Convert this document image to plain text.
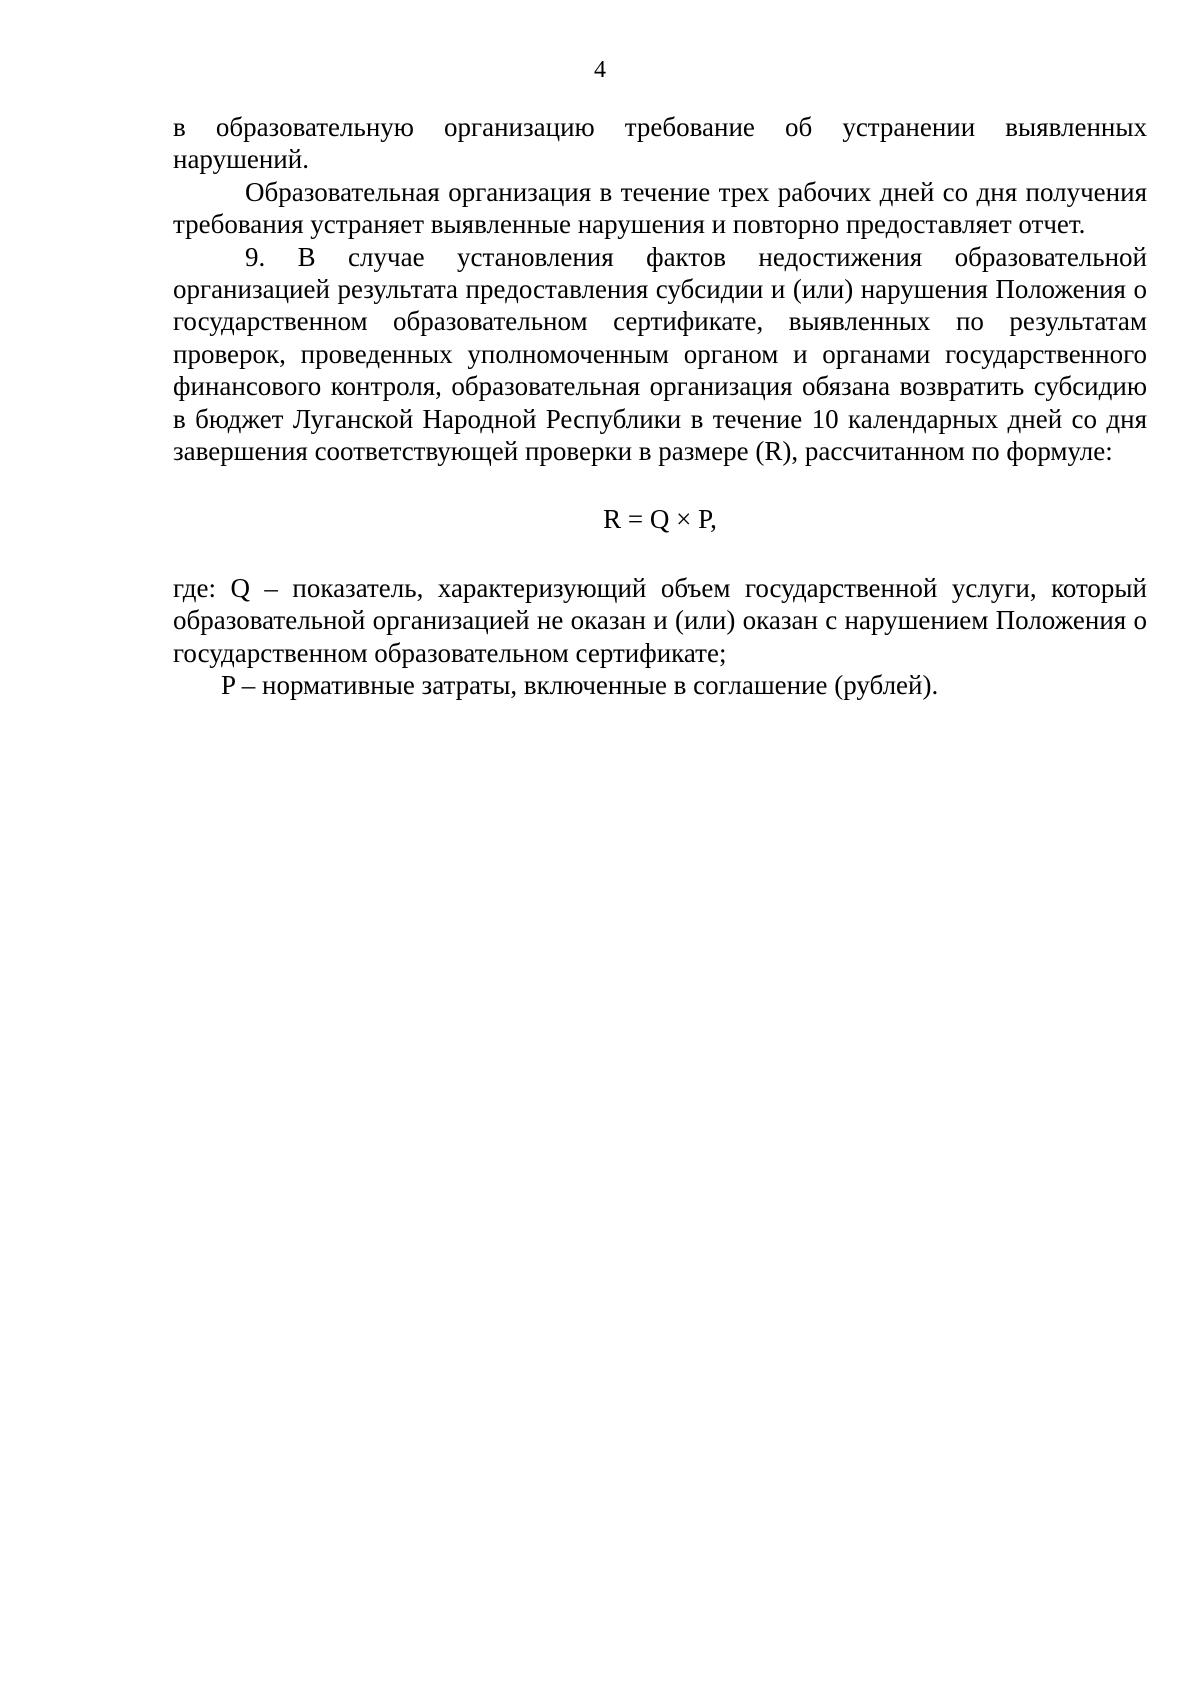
4

в образовательную организацию требование об устранении выявленных нарушений.

Образовательная организация в течение трех рабочих дней со дня получения требования устраняет выявленные нарушения и повторно предоставляет отчет.

9. В случае установления фактов недостижения образовательной организацией результата предоставления субсидии и (или) нарушения Положения о государственном образовательном сертификате, выявленных по результатам проверок, проведенных уполномоченным органом и органами государственного финансового контроля, образовательная организация обязана возвратить субсидию в бюджет Луганской Народной Республики в течение 10 календарных дней со дня завершения соответствующей проверки в размере (R), рассчитанном по формуле:

R = Q × P,

где: Q – показатель, характеризующий объем государственной услуги, который образовательной организацией не оказан и (или) оказан с нарушением Положения о государственном образовательном сертификате;

P – нормативные затраты, включенные в соглашение (рублей).
